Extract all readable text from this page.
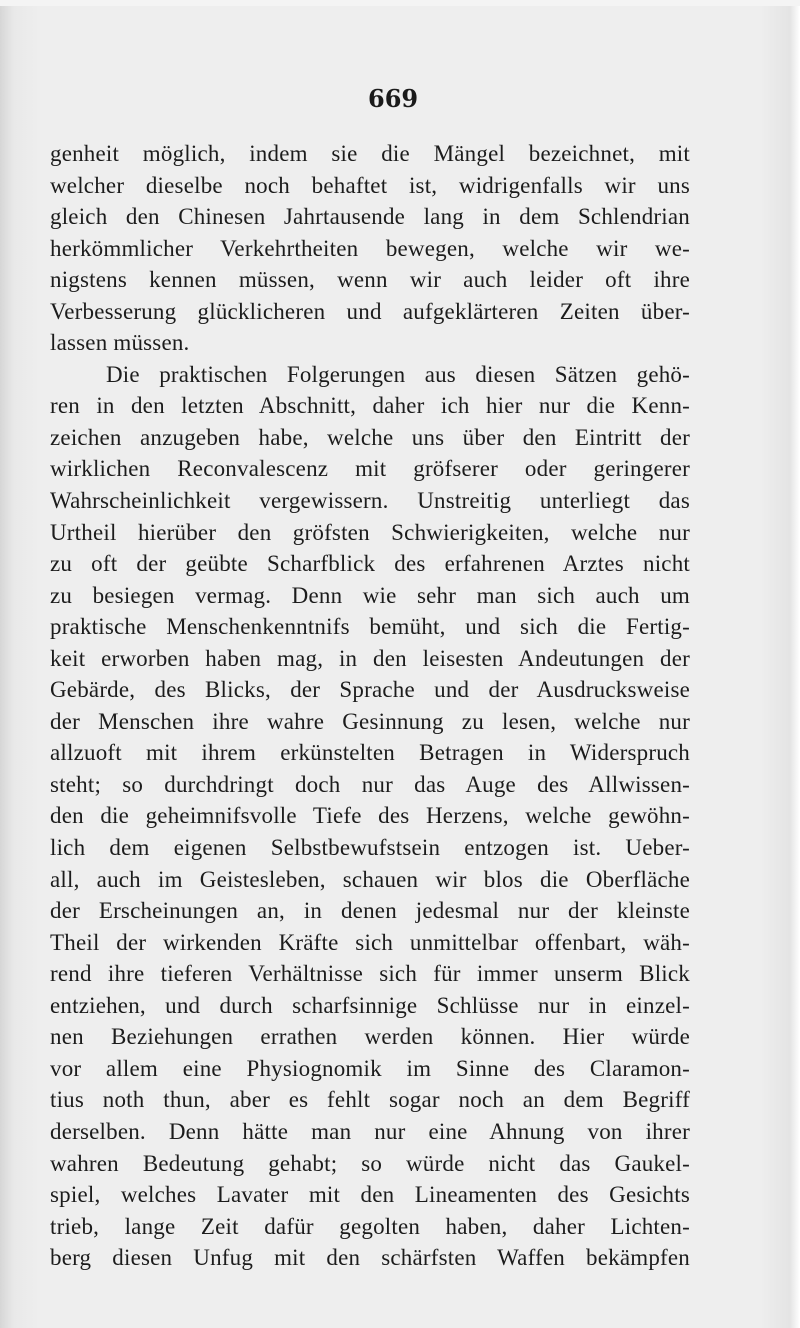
669
genheit möglich, indem sie die Mängel bezeichnet, mit
welcher dieselbe noch behaftet ist, widrigenfalls wir uns
gleich den Chinesen Jahrtausende lang in dem Schlendrian
herkömmlicher Verkehrtheiten bewegen, welche wir we-
nigstens kennen müssen, wenn wir auch leider oft ihre
Verbesserung glücklicheren und aufgeklärteren Zeiten über-
lassen müssen.
Die praktischen Folgerungen aus diesen Sätzen gehö-
ren in den letzten Abschnitt, daher ich hier nur die Kenn-
zeichen anzugeben habe, welche uns über den Eintritt der
wirklichen Reconvalescenz mit gröfserer oder geringerer
Wahrscheinlichkeit vergewissern. Unstreitig unterliegt das
Urtheil hierüber den gröfsten Schwierigkeiten, welche nur
zu oft der geübte Scharfblick des erfahrenen Arztes nicht
zu besiegen vermag. Denn wie sehr man sich auch um
praktische Menschenkenntnifs bemüht, und sich die Fertig-
keit erworben haben mag, in den leisesten Andeutungen der
Gebärde, des Blicks, der Sprache und der Ausdrucksweise
der Menschen ihre wahre Gesinnung zu lesen, welche nur
allzuoft mit ihrem erkünstelten Betragen in Widerspruch
steht; so durchdringt doch nur das Auge des Allwissen-
den die geheimnifsvolle Tiefe des Herzens, welche gewöhn-
lich dem eigenen Selbstbewufstsein entzogen ist. Ueber-
all, auch im Geistesleben, schauen wir blos die Oberfläche
der Erscheinungen an, in denen jedesmal nur der kleinste
Theil der wirkenden Kräfte sich unmittelbar offenbart, wäh-
rend ihre tieferen Verhältnisse sich für immer unserm Blick
entziehen, und durch scharfsinnige Schlüsse nur in einzel-
nen Beziehungen errathen werden können. Hier würde
vor allem eine Physiognomik im Sinne des Claramon-
tius noth thun, aber es fehlt sogar noch an dem Begriff
derselben. Denn hätte man nur eine Ahnung von ihrer
wahren Bedeutung gehabt; so würde nicht das Gaukel-
spiel, welches Lavater mit den Lineamenten des Gesichts
trieb, lange Zeit dafür gegolten haben, daher Lichten-
berg diesen Unfug mit den schärfsten Waffen bekämpfen
